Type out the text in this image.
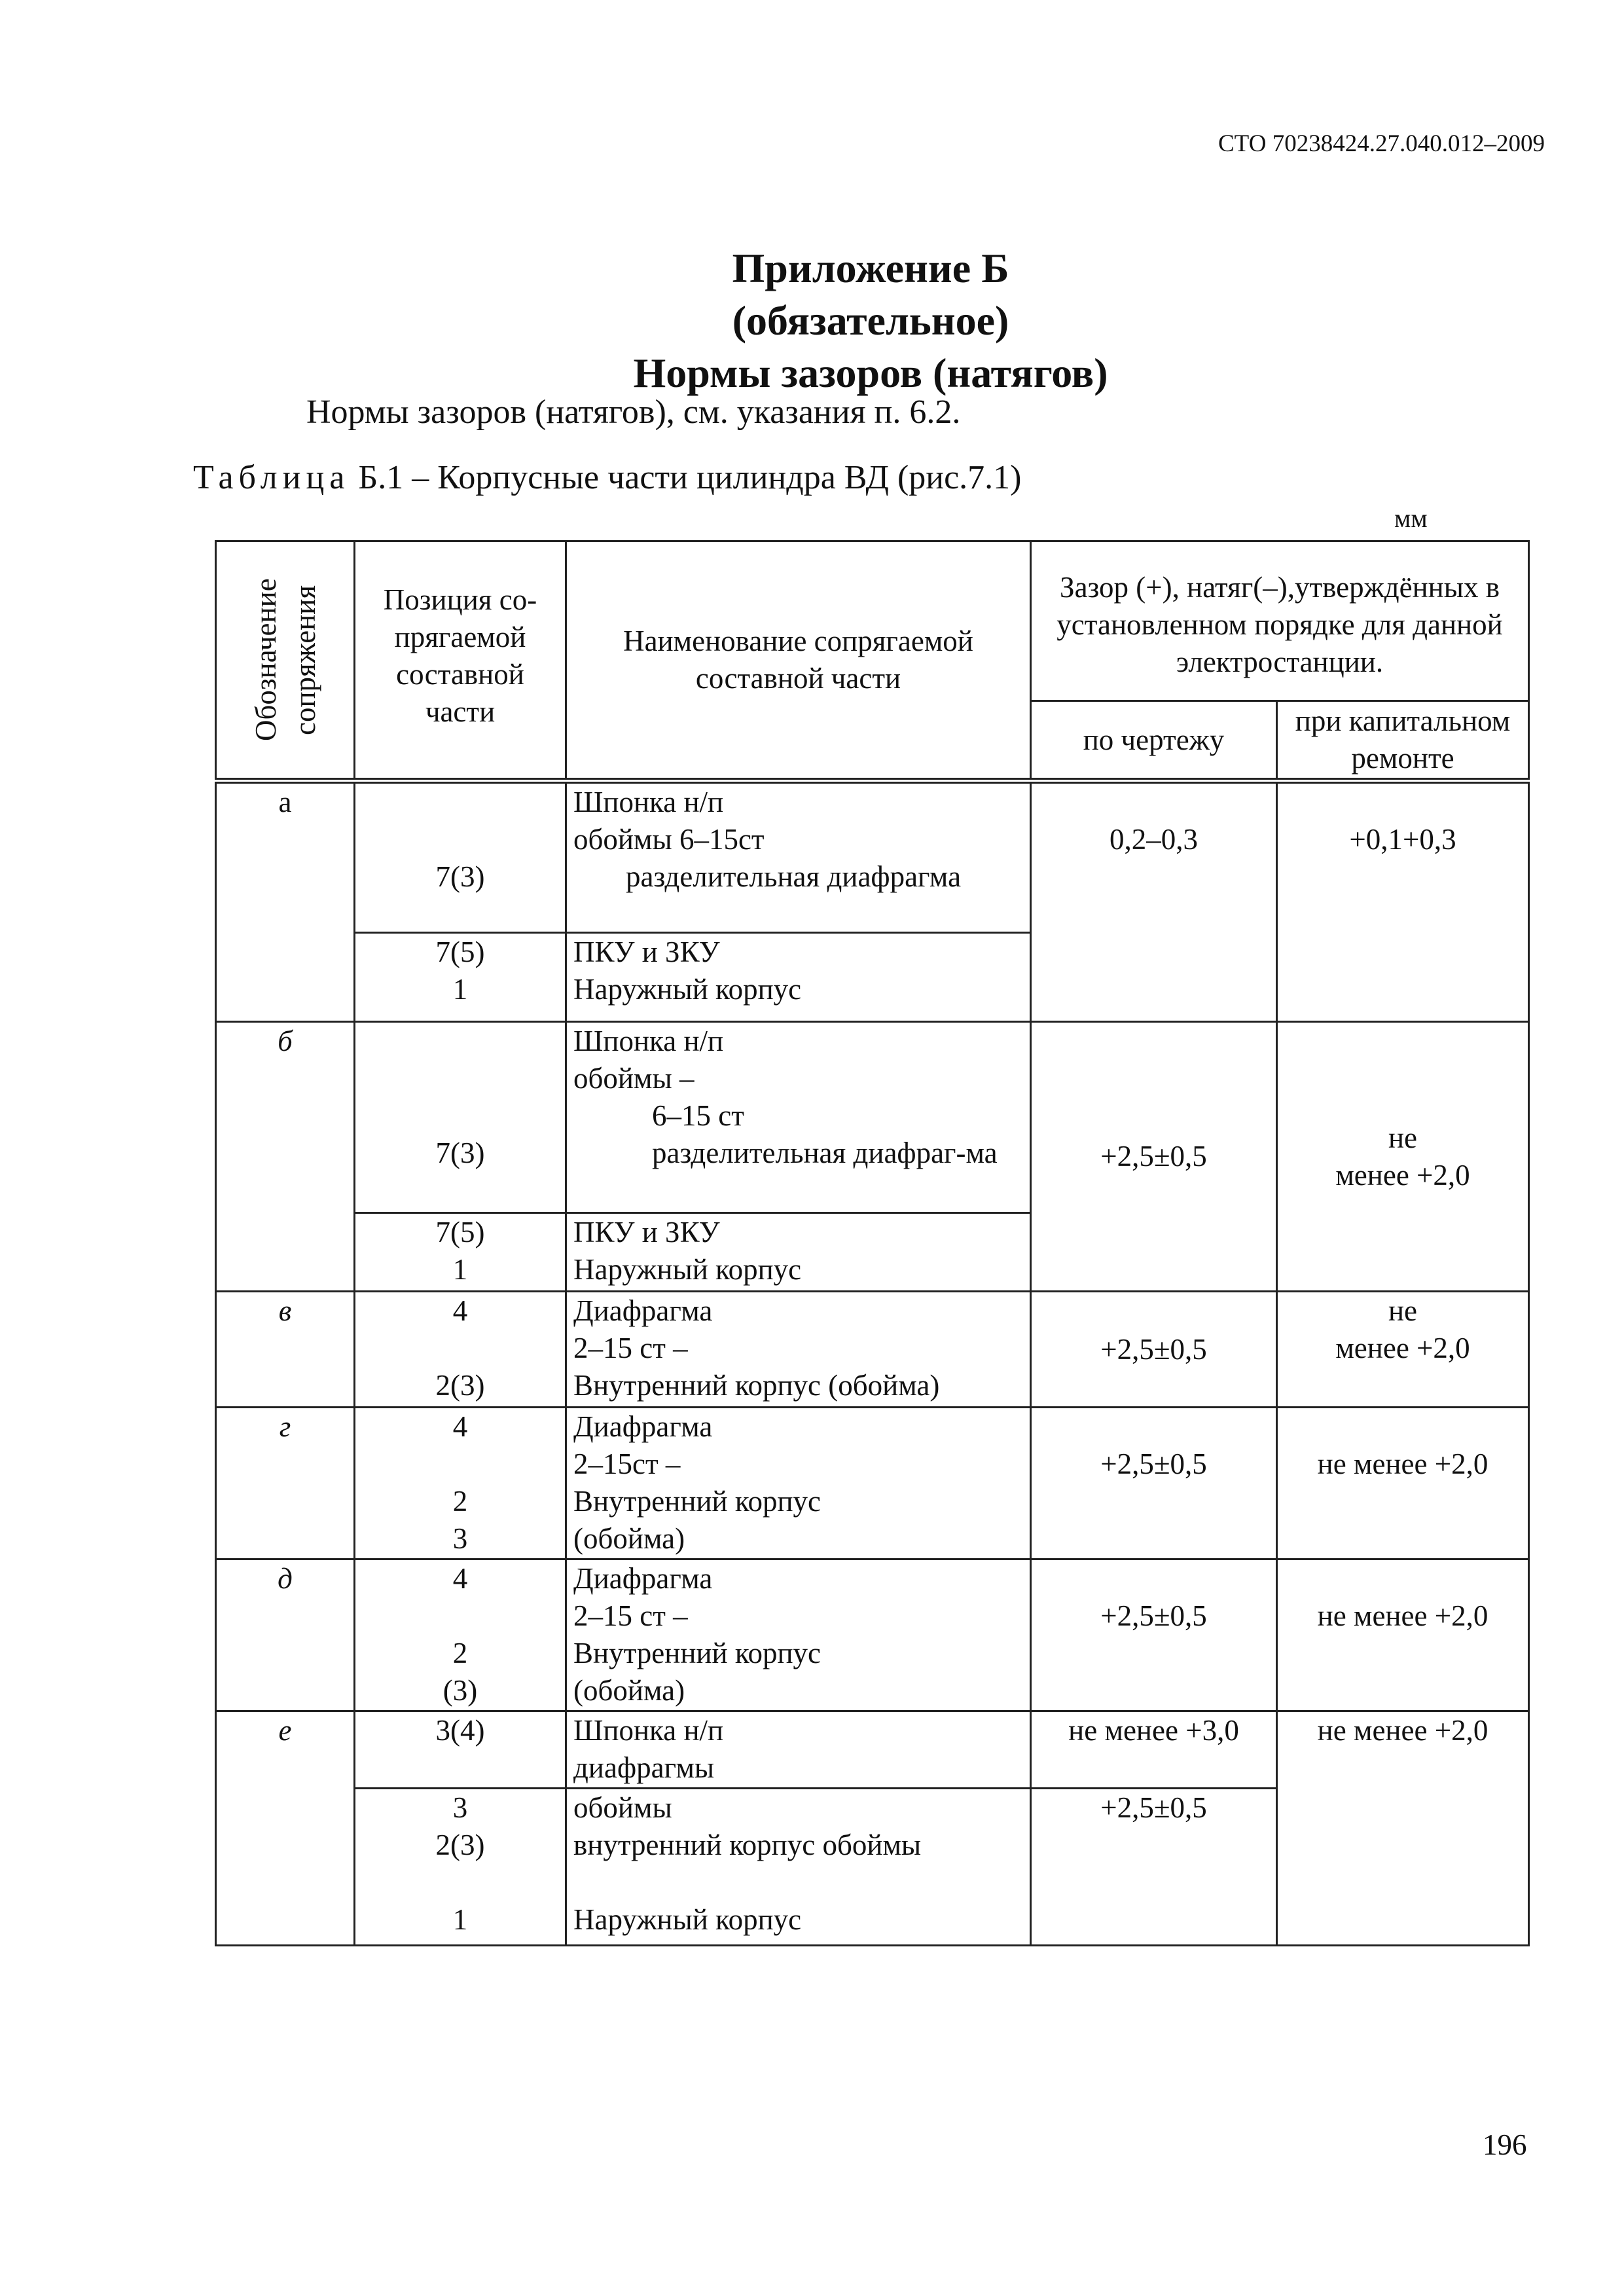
СТО 70238424.27.040.012–2009
Приложение Б
(обязательное)
Нормы зазоров (натягов)
Нормы зазоров (натягов), см. указания п. 6.2.
Таблица Б.1 – Корпусные части цилиндра ВД (рис.7.1)
мм
Обозначение сопряжения	Позиция со-прягаемой составной части	Наименование сопрягаемой составной части	Зазор (+), натяг(–),утверждённых в установленном порядке для данной электростанции.	
			по чертежу	при капитальном ремонте
а	7(3)	Шпонка н/п
обоймы 6–15ст
разделительная диафрагма	0,2–0,3	+0,1+0,3

	7(5)
1	ПКУ и ЗКУ
Наружный корпус		

б	7(3)	Шпонка н/п
обоймы –
6–15 ст
разделительная диафраг-ма	+2,5±0,5	не
менее +2,0

	7(5)
1	ПКУ и ЗКУ
Наружный корпус		

в	4
2(3)	Диафрагма
2–15 ст –
Внутренний корпус (обойма)	+2,5±0,5	не
менее +2,0

г	4
2
3	Диафрагма
2–15ст –
Внутренний корпус
(обойма)	+2,5±0,5	не менее +2,0

д	4
2
(3)	Диафрагма
2–15 ст –
Внутренний корпус
(обойма)	+2,5±0,5	не менее +2,0

е	3(4)	Шпонка н/п
диафрагмы	не менее +3,0	не менее +2,0

	3
2(3)
1	обоймы
внутренний корпус обоймы
Наружный корпус	+2,5±0,5	
196
